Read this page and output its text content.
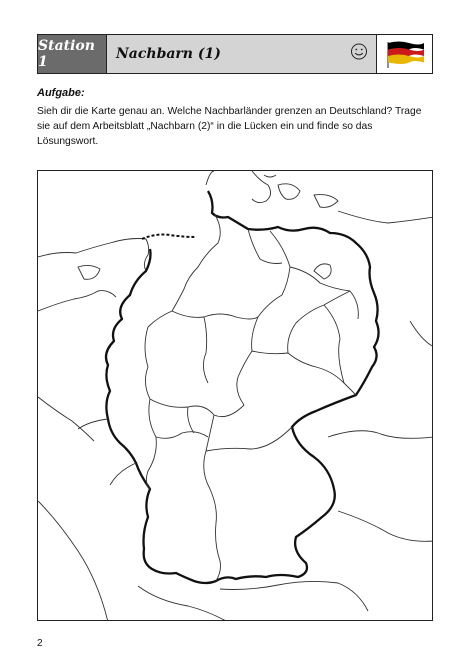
Station 1	Nachbarn (1)
Aufgabe:
Sieh dir die Karte genau an. Welche Nachbarländer grenzen an Deutschland? Trage sie auf dem Arbeitsblatt „Nachbarn (2)“ in die Lücken ein und finde so das Lösungswort.
2
